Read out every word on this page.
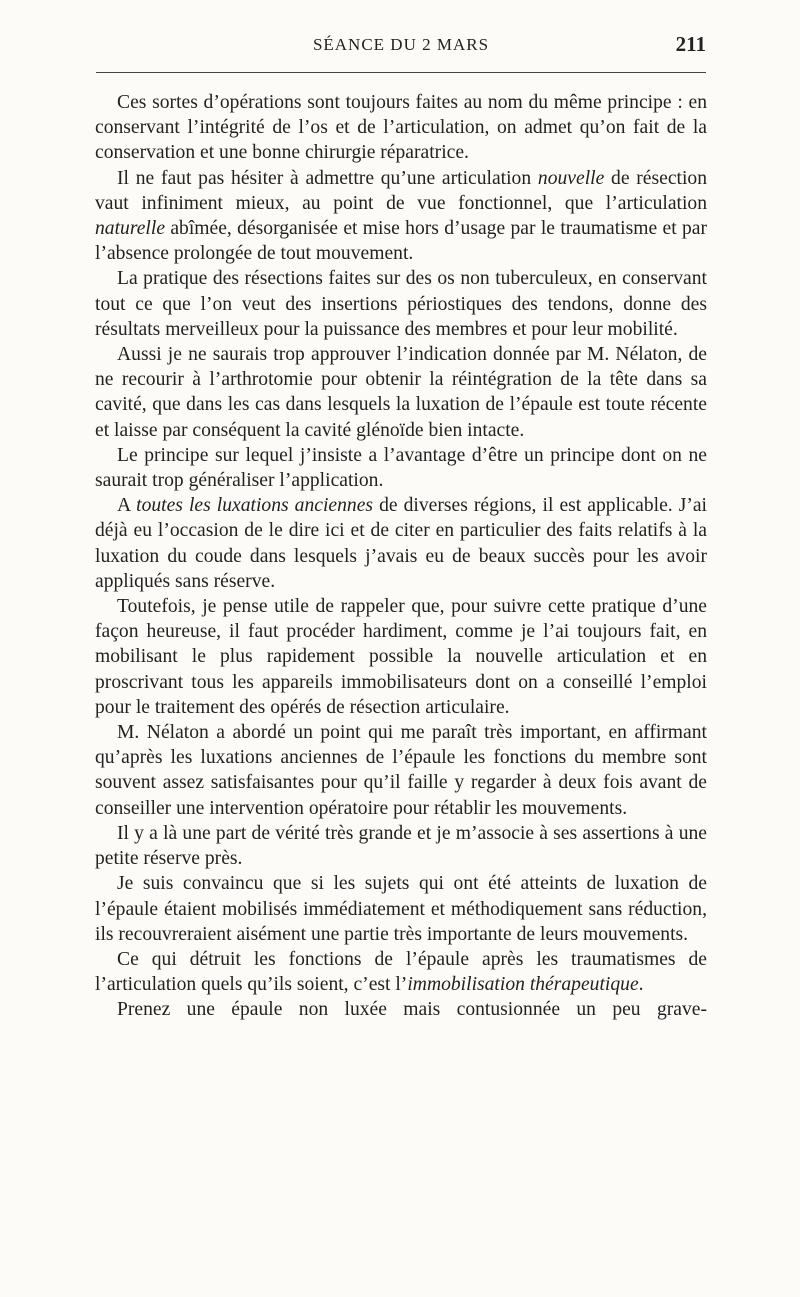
SÉANCE DU 2 MARS	211

Ces sortes d’opérations sont toujours faites au nom du même principe : en conservant l’intégrité de l’os et de l’articulation, on admet qu’on fait de la conservation et une bonne chirurgie réparatrice.

Il ne faut pas hésiter à admettre qu’une articulation nouvelle de résection vaut infiniment mieux, au point de vue fonctionnel, que l’articulation naturelle abîmée, désorganisée et mise hors d’usage par le traumatisme et par l’absence prolongée de tout mouvement.

La pratique des résections faites sur des os non tuberculeux, en conservant tout ce que l’on veut des insertions périostiques des tendons, donne des résultats merveilleux pour la puissance des membres et pour leur mobilité.

Aussi je ne saurais trop approuver l’indication donnée par M. Nélaton, de ne recourir à l’arthrotomie pour obtenir la réintégration de la tête dans sa cavité, que dans les cas dans lesquels la luxation de l’épaule est toute récente et laisse par conséquent la cavité glénoïde bien intacte.

Le principe sur lequel j’insiste a l’avantage d’être un principe dont on ne saurait trop généraliser l’application.

A toutes les luxations anciennes de diverses régions, il est applicable. J’ai déjà eu l’occasion de le dire ici et de citer en particulier des faits relatifs à la luxation du coude dans lesquels j’avais eu de beaux succès pour les avoir appliqués sans réserve.

Toutefois, je pense utile de rappeler que, pour suivre cette pratique d’une façon heureuse, il faut procéder hardiment, comme je l’ai toujours fait, en mobilisant le plus rapidement possible la nouvelle articulation et en proscrivant tous les appareils immobilisateurs dont on a conseillé l’emploi pour le traitement des opérés de résection articulaire.

M. Nélaton a abordé un point qui me paraît très important, en affirmant qu’après les luxations anciennes de l’épaule les fonctions du membre sont souvent assez satisfaisantes pour qu’il faille y regarder à deux fois avant de conseiller une intervention opératoire pour rétablir les mouvements.

Il y a là une part de vérité très grande et je m’associe à ses assertions à une petite réserve près.

Je suis convaincu que si les sujets qui ont été atteints de luxation de l’épaule étaient mobilisés immédiatement et méthodiquement sans réduction, ils recouvreraient aisément une partie très importante de leurs mouvements.

Ce qui détruit les fonctions de l’épaule après les traumatismes de l’articulation quels qu’ils soient, c’est l’immobilisation thérapeutique.

Prenez une épaule non luxée mais contusionnée un peu grave-
